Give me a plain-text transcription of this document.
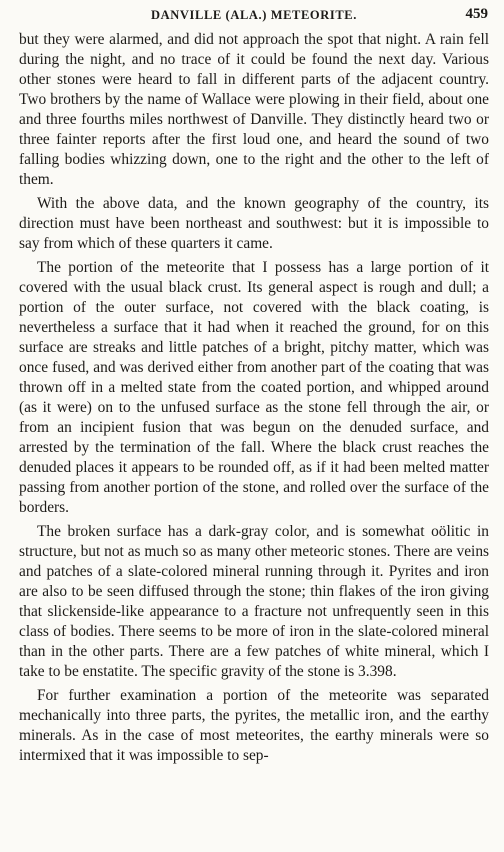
DANVILLE (ALA.) METEORITE.	459

but they were alarmed, and did not approach the spot that night. A rain fell during the night, and no trace of it could be found the next day. Various other stones were heard to fall in different parts of the adjacent country. Two brothers by the name of Wallace were plowing in their field, about one and three fourths miles northwest of Danville. They distinctly heard two or three fainter reports after the first loud one, and heard the sound of two falling bodies whizzing down, one to the right and the other to the left of them.

With the above data, and the known geography of the country, its direction must have been northeast and southwest: but it is impossible to say from which of these quarters it came.

The portion of the meteorite that I possess has a large portion of it covered with the usual black crust. Its general aspect is rough and dull; a portion of the outer surface, not covered with the black coating, is nevertheless a surface that it had when it reached the ground, for on this surface are streaks and little patches of a bright, pitchy matter, which was once fused, and was derived either from another part of the coating that was thrown off in a melted state from the coated portion, and whipped around (as it were) on to the unfused surface as the stone fell through the air, or from an incipient fusion that was begun on the denuded surface, and arrested by the termination of the fall. Where the black crust reaches the denuded places it appears to be rounded off, as if it had been melted matter passing from another portion of the stone, and rolled over the surface of the borders.

The broken surface has a dark-gray color, and is somewhat oölitic in structure, but not as much so as many other meteoric stones. There are veins and patches of a slate-colored mineral running through it. Pyrites and iron are also to be seen diffused through the stone; thin flakes of the iron giving that slickenside-like appearance to a fracture not unfrequently seen in this class of bodies. There seems to be more of iron in the slate-colored mineral than in the other parts. There are a few patches of white mineral, which I take to be enstatite. The specific gravity of the stone is 3.398.

For further examination a portion of the meteorite was separated mechanically into three parts, the pyrites, the metallic iron, and the earthy minerals. As in the case of most meteorites, the earthy minerals were so intermixed that it was impossible to sep-
